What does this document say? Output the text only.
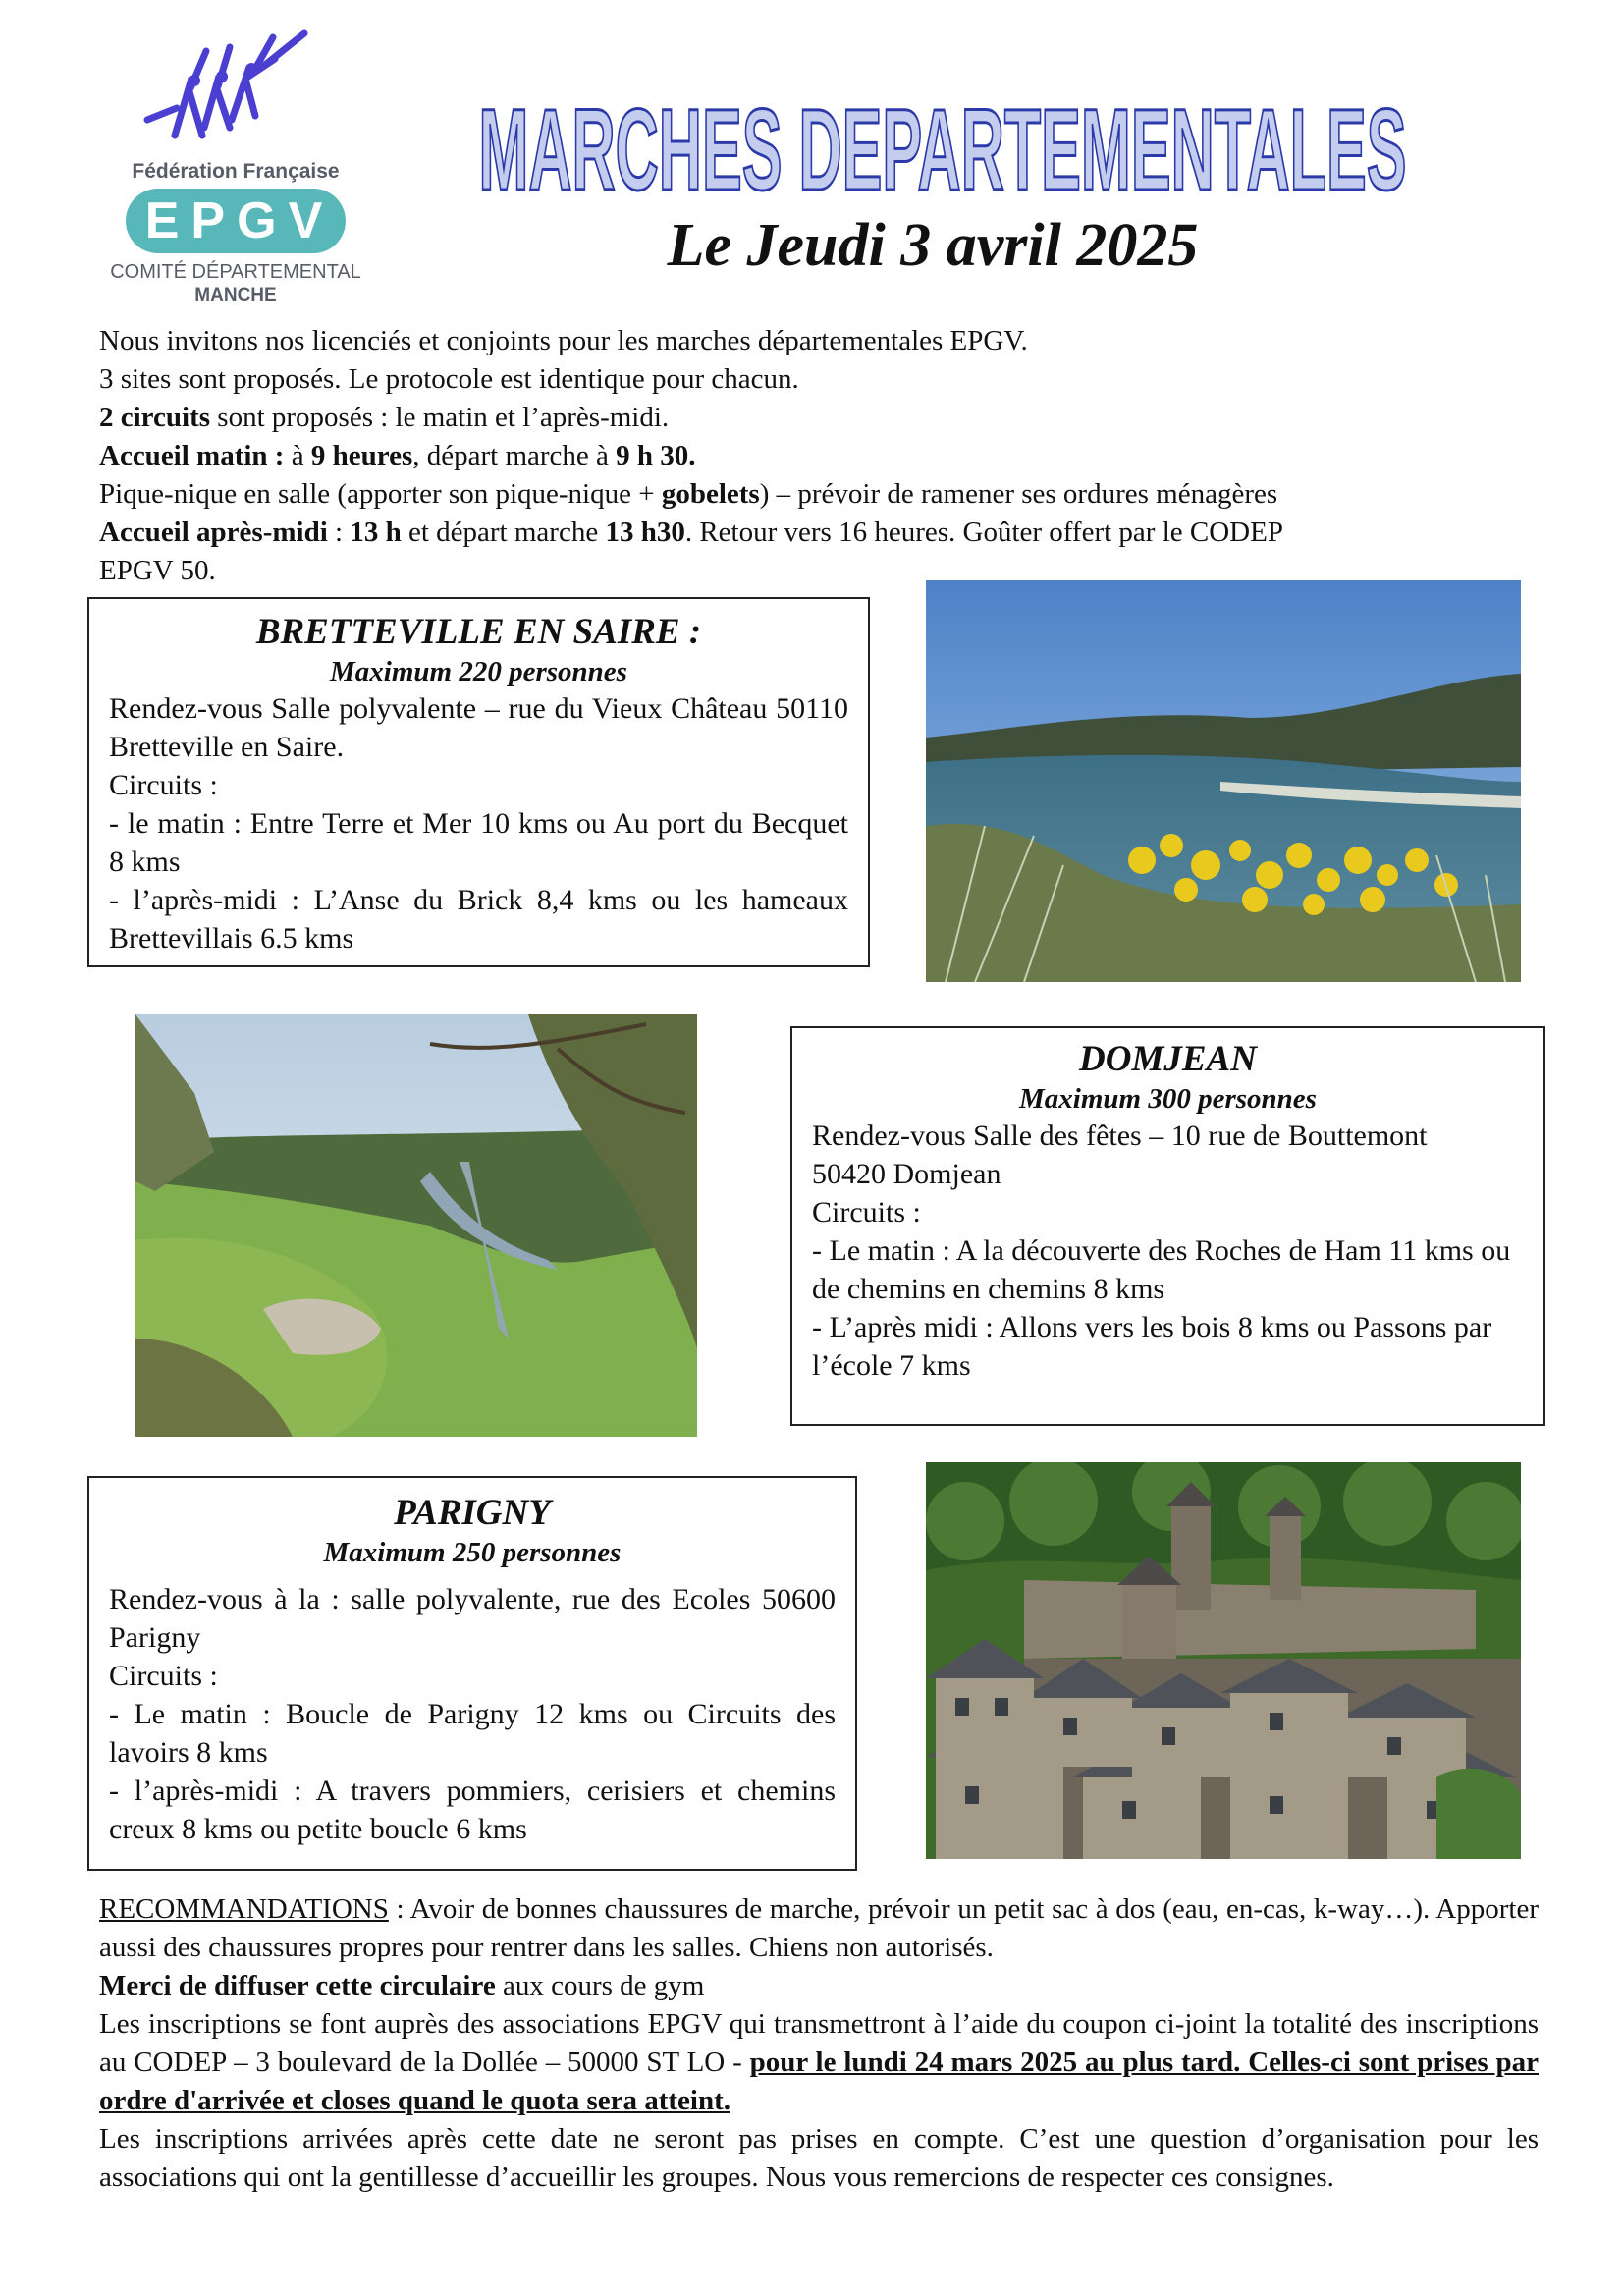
Fédération Française
EPGV
COMITÉ DÉPARTEMENTAL
MANCHE
MARCHES DEPARTEMENTALES
Le Jeudi 3 avril 2025

Nous invitons nos licenciés et conjoints pour les marches départementales EPGV.

3 sites sont proposés. Le protocole est identique pour chacun.

2 circuits sont proposés : le matin et l’après-midi.

Accueil matin : à 9 heures, départ marche à 9 h 30.

Pique-nique en salle (apporter son pique-nique + gobelets) – prévoir de ramener ses ordures ménagères

Accueil après-midi : 13 h et départ marche 13 h30. Retour vers 16 heures. Goûter offert par le CODEP

EPGV 50.

BRETTEVILLE EN SAIRE :
Maximum 220 personnes

Rendez-vous Salle polyvalente – rue du Vieux Château 50110 Bretteville en Saire.

Circuits :

- le matin : Entre Terre et Mer 10 kms ou Au port du Becquet 8 kms

- l’après-midi : L’Anse du Brick 8,4 kms ou les hameaux Brettevillais 6.5 kms

DOMJEAN
Maximum 300 personnes

Rendez-vous Salle des fêtes – 10 rue de Bouttemont

50420 Domjean

Circuits :

- Le matin : A la découverte des Roches de Ham 11 kms ou de chemins en chemins 8 kms

- L’après midi : Allons vers les bois 8 kms ou Passons par l’école 7 kms

PARIGNY
Maximum 250 personnes

Rendez-vous à la : salle polyvalente, rue des Ecoles 50600 Parigny

Circuits :

- Le matin : Boucle de Parigny 12 kms ou Circuits des lavoirs 8 kms

- l’après-midi : A travers pommiers, cerisiers et chemins creux 8 kms ou petite boucle 6 kms

RECOMMANDATIONS : Avoir de bonnes chaussures de marche, prévoir un petit sac à dos (eau, en-cas, k-way…). Apporter aussi des chaussures propres pour rentrer dans les salles. Chiens non autorisés.

Merci de diffuser cette circulaire aux cours de gym

Les inscriptions se font auprès des associations EPGV qui transmettront à l’aide du coupon ci-joint la totalité des inscriptions au CODEP – 3 boulevard de la Dollée – 50000 ST LO - pour le lundi 24 mars 2025 au plus tard. Celles-ci sont prises par ordre d'arrivée et closes quand le quota sera atteint.

Les inscriptions arrivées après cette date ne seront pas prises en compte. C’est une question d’organisation pour les associations qui ont la gentillesse d’accueillir les groupes. Nous vous remercions de respecter ces consignes.
